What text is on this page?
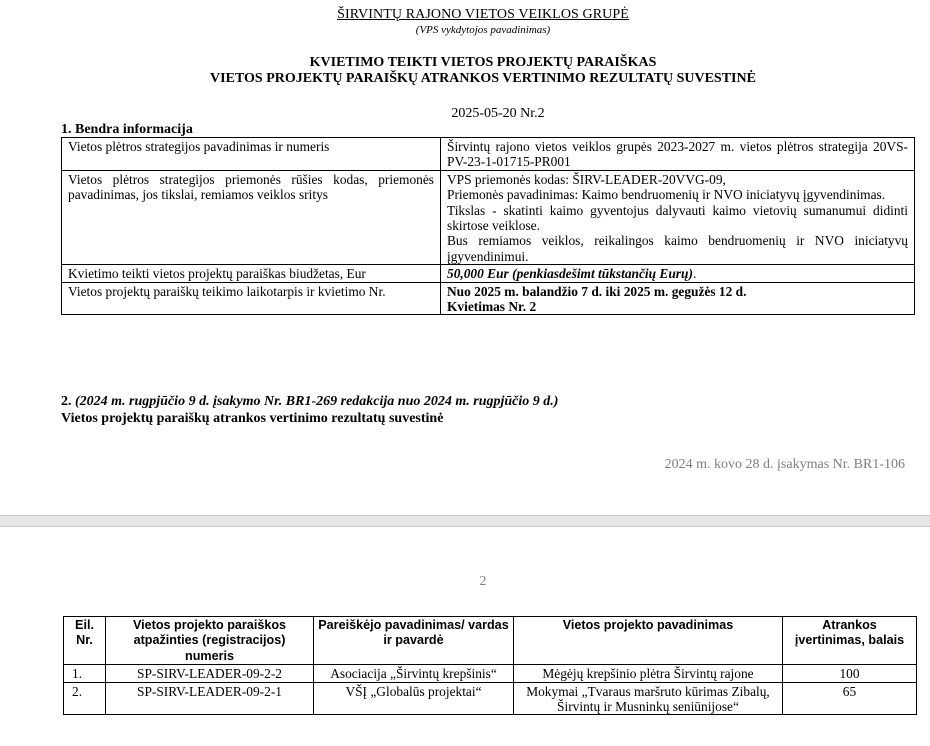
ŠIRVINTŲ RAJONO VIETOS VEIKLOS GRUPĖ
(VPS vykdytojos pavadinimas)
KVIETIMO TEIKTI VIETOS PROJEKTŲ PARAIŠKAS
VIETOS PROJEKTŲ PARAIŠKŲ ATRANKOS VERTINIMO REZULTATŲ SUVESTINĖ
2025-05-20 Nr.2
1. Bendra informacija
Vietos plėtros strategijos pavadinimas ir numeris	Širvintų rajono vietos veiklos grupės 2023-2027 m. vietos plėtros strategija 20VS-PV-23-1-01715-PR001
Vietos plėtros strategijos priemonės rūšies kodas, priemonės pavadinimas, jos tikslai, remiamos veiklos sritys	VPS priemonės kodas: ŠIRV-LEADER-20VVG-09,
Priemonės pavadinimas: Kaimo bendruomenių ir NVO iniciatyvų įgyvendinimas.
Tikslas - skatinti kaimo gyventojus dalyvauti kaimo vietovių sumanumui didinti skirtose veiklose.
Bus remiamos veiklos, reikalingos kaimo bendruomenių ir NVO iniciatyvų įgyvendinimui.

Kvietimo teikti vietos projektų paraiškas biudžetas, Eur	50,000 Eur (penkiasdešimt tūkstančių Eurų).
Vietos projektų paraiškų teikimo laikotarpis ir kvietimo Nr.	Nuo 2025 m. balandžio 7 d. iki 2025 m. gegužės 12 d.
Kvietimas Nr. 2
2. (2024 m. rugpjūčio 9 d. įsakymo Nr. BR1-269 redakcija nuo 2024 m. rugpjūčio 9 d.)
Vietos projektų paraiškų atrankos vertinimo rezultatų suvestinė
2024 m. kovo 28 d. įsakymas Nr. BR1-106
2
Eil. Nr.	Vietos projekto paraiškos atpažinties (registracijos) numeris	Pareiškėjo pavadinimas/ vardas ir pavardė	Vietos projekto pavadinimas	Atrankos įvertinimas, balais
1.	SP-SIRV-LEADER-09-2-2	Asociacija „Širvintų krepšinis“	Mėgėjų krepšinio plėtra Širvintų rajone	100
2.	SP-SIRV-LEADER-09-2-1	VŠĮ „Globalūs projektai“	Mokymai „Tvaraus maršruto kūrimas Zibalų, Širvintų ir Musninkų seniūnijose“	65
